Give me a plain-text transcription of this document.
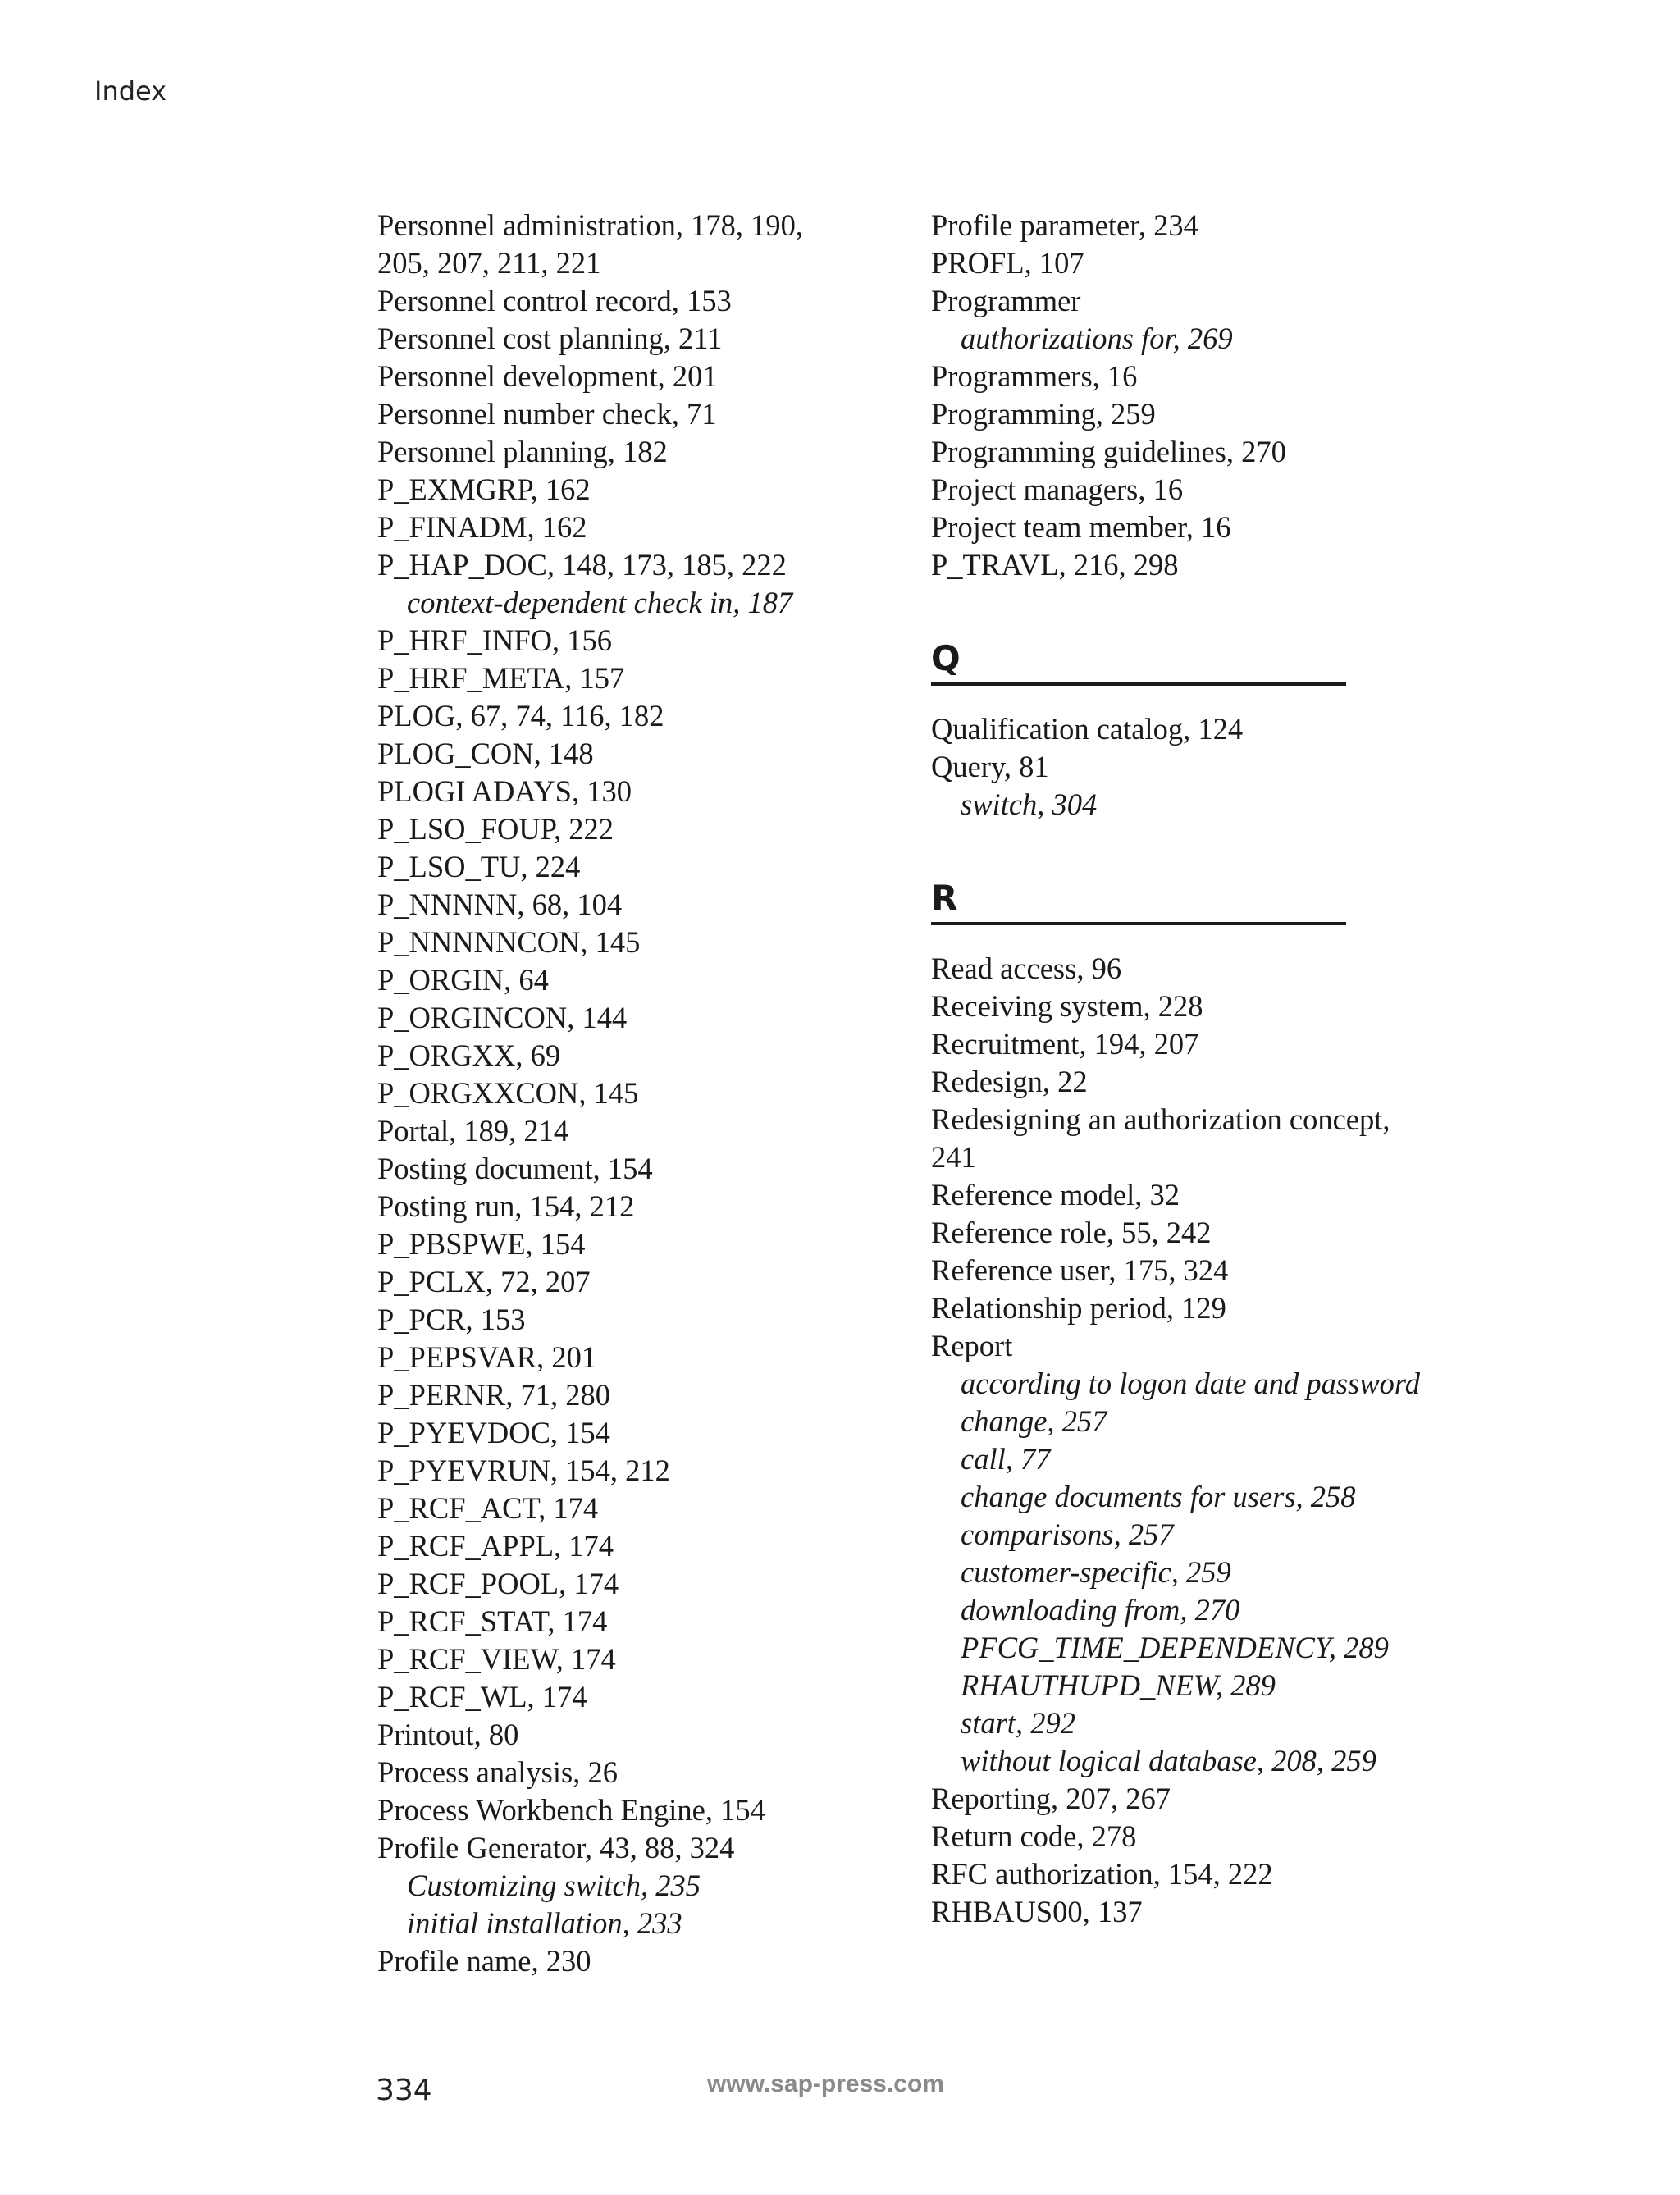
Index
Personnel administration, 178, 190,
205, 207, 211, 221
Personnel control record, 153
Personnel cost planning, 211
Personnel development, 201
Personnel number check, 71
Personnel planning, 182
P_EXMGRP, 162
P_FINADM, 162
P_HAP_DOC, 148, 173, 185, 222
context-dependent check in, 187
P_HRF_INFO, 156
P_HRF_META, 157
PLOG, 67, 74, 116, 182
PLOG_CON, 148
PLOGI ADAYS, 130
P_LSO_FOUP, 222
P_LSO_TU, 224
P_NNNNN, 68, 104
P_NNNNNCON, 145
P_ORGIN, 64
P_ORGINCON, 144
P_ORGXX, 69
P_ORGXXCON, 145
Portal, 189, 214
Posting document, 154
Posting run, 154, 212
P_PBSPWE, 154
P_PCLX, 72, 207
P_PCR, 153
P_PEPSVAR, 201
P_PERNR, 71, 280
P_PYEVDOC, 154
P_PYEVRUN, 154, 212
P_RCF_ACT, 174
P_RCF_APPL, 174
P_RCF_POOL, 174
P_RCF_STAT, 174
P_RCF_VIEW, 174
P_RCF_WL, 174
Printout, 80
Process analysis, 26
Process Workbench Engine, 154
Profile Generator, 43, 88, 324
Customizing switch, 235
initial installation, 233
Profile name, 230
Profile parameter, 234
PROFL, 107
Programmer
authorizations for, 269
Programmers, 16
Programming, 259
Programming guidelines, 270
Project managers, 16
Project team member, 16
P_TRAVL, 216, 298
Q
Qualification catalog, 124
Query, 81
switch, 304
R
Read access, 96
Receiving system, 228
Recruitment, 194, 207
Redesign, 22
Redesigning an authorization concept,
241
Reference model, 32
Reference role, 55, 242
Reference user, 175, 324
Relationship period, 129
Report
according to logon date and password
change, 257
call, 77
change documents for users, 258
comparisons, 257
customer-specific, 259
downloading from, 270
PFCG_TIME_DEPENDENCY, 289
RHAUTHUPD_NEW, 289
start, 292
without logical database, 208, 259
Reporting, 207, 267
Return code, 278
RFC authorization, 154, 222
RHBAUS00, 137
334	www.sap-press.com
